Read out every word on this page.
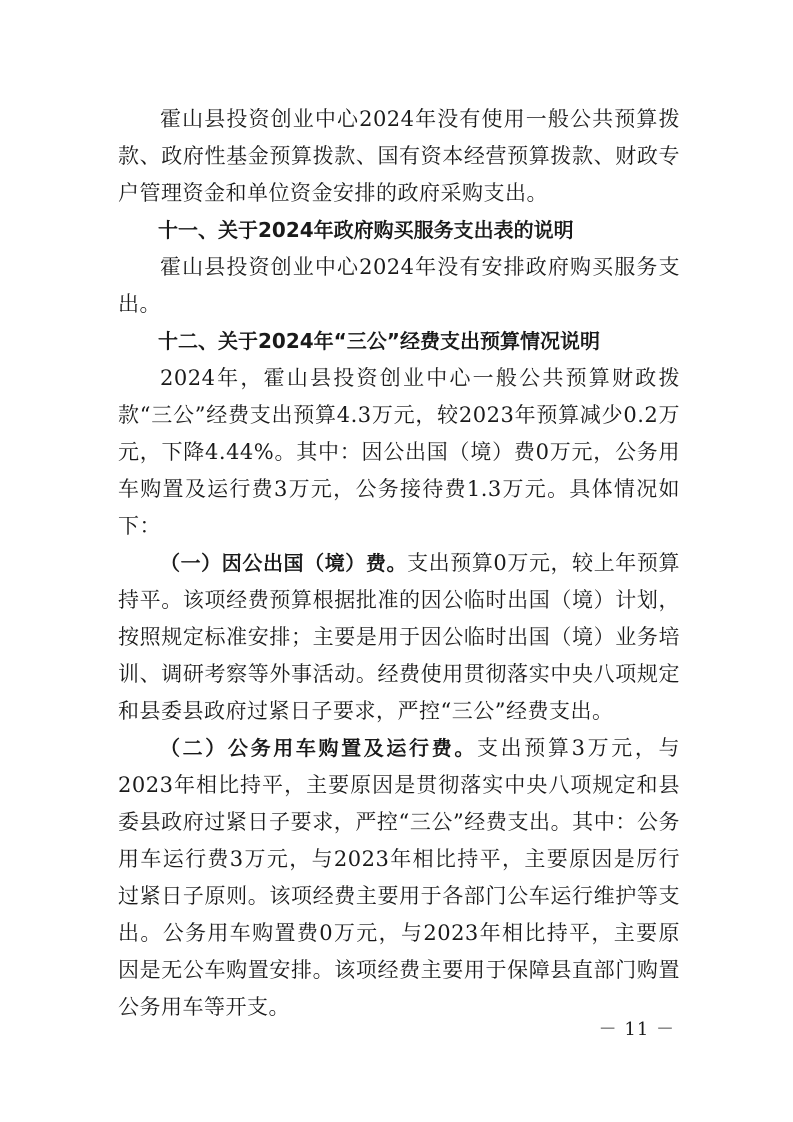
霍山县投资创业中心2024年没有使用一般公共预算拨款、政府性基金预算拨款、国有资本经营预算拨款、财政专户管理资金和单位资金安排的政府采购支出。

十一、关于2024年政府购买服务支出表的说明

霍山县投资创业中心2024年没有安排政府购买服务支出。

十二、关于2024年“三公”经费支出预算情况说明

2024年，霍山县投资创业中心一般公共预算财政拨款“三公”经费支出预算4.3万元，较2023年预算减少0.2万元，下降4.44%。其中：因公出国（境）费0万元，公务用车购置及运行费3万元，公务接待费1.3万元。具体情况如下：

（一）因公出国（境）费。支出预算0万元，较上年预算持平。该项经费预算根据批准的因公临时出国（境）计划，按照规定标准安排；主要是用于因公临时出国（境）业务培训、调研考察等外事活动。经费使用贯彻落实中央八项规定和县委县政府过紧日子要求，严控“三公”经费支出。

（二）公务用车购置及运行费。支出预算3万元，与2023年相比持平，主要原因是贯彻落实中央八项规定和县委县政府过紧日子要求，严控“三公”经费支出。其中：公务用车运行费3万元，与2023年相比持平，主要原因是厉行过紧日子原则。该项经费主要用于各部门公车运行维护等支出。公务用车购置费0万元，与2023年相比持平，主要原因是无公车购置安排。该项经费主要用于保障县直部门购置公务用车等开支。

－ 11 －
